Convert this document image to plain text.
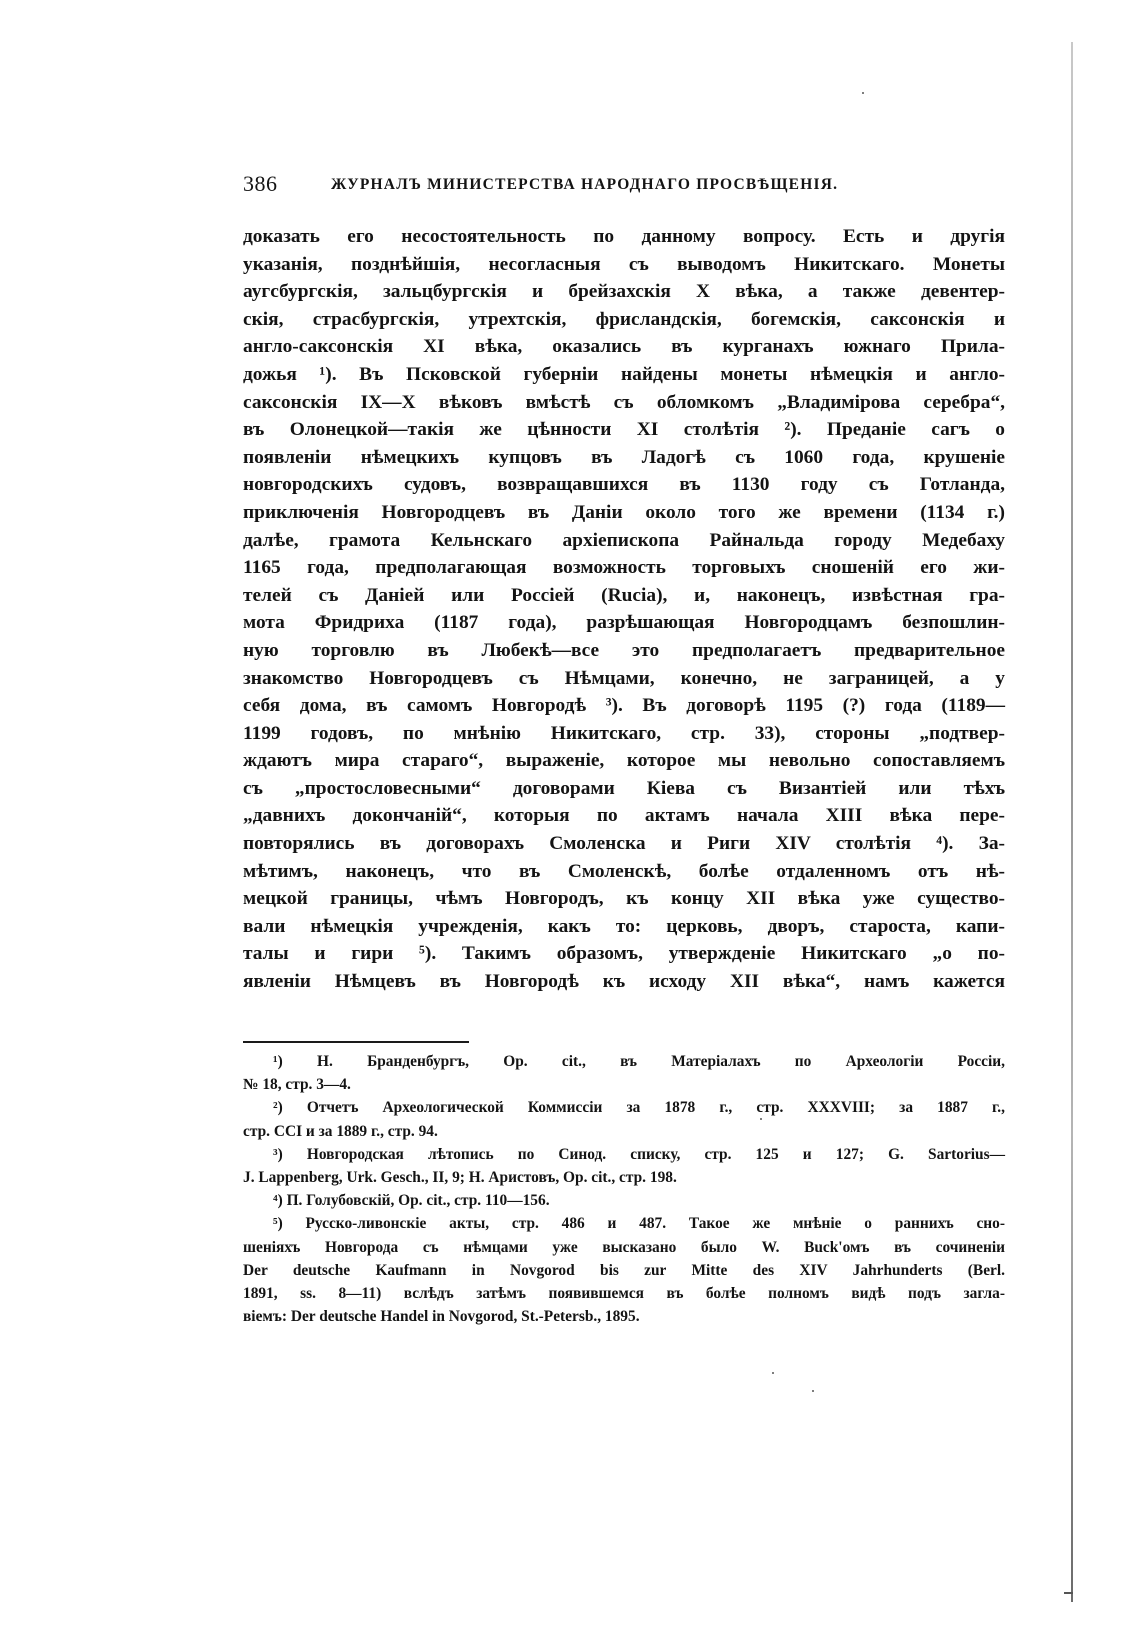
386	ЖУРНАЛЪ МИНИСТЕРСТВА НАРОДНАГО ПРОСВѢЩЕНІЯ.
доказать его несостоятельность по данному вопросу. Есть и другія
указанія, позднѣйшія, несогласныя съ выводомъ Никитскаго. Монеты
аугсбургскія, зальцбургскія и брейзахскія X вѣка, а также девентер-
скія, страсбургскія, утрехтскія, фрисландскія, богемскія, саксонскія и
англо-саксонскія XI вѣка, оказались въ курганахъ южнаго Прила-
дожья ¹). Въ Псковской губерніи найдены монеты нѣмецкія и англо-
саксонскія IX—X вѣковъ вмѣстѣ съ обломкомъ „Владимірова серебра“,
въ Олонецкой—такія же цѣнности XI столѣтія ²). Преданіе сагъ о
появленіи нѣмецкихъ купцовъ въ Ладогѣ съ 1060 года, крушеніе
новгородскихъ судовъ, возвращавшихся въ 1130 году съ Готланда,
приключенія Новгородцевъ въ Даніи около того же времени (1134 г.)
далѣе, грамота Кельнскаго архіепископа Райнальда городу Медебаху
1165 года, предполагающая возможность торговыхъ сношеній его жи-
телей съ Даніей или Россіей (Rucia), и, наконецъ, извѣстная гра-
мота Фридриха (1187 года), разрѣшающая Новгородцамъ безпошлин-
ную торговлю въ Любекѣ—все это предполагаетъ предварительное
знакомство Новгородцевъ съ Нѣмцами, конечно, не заграницей, а у
себя дома, въ самомъ Новгородѣ ³). Въ договорѣ 1195 (?) года (1189—
1199 годовъ, по мнѣнію Никитскаго, стр. 33), стороны „подтвер-
ждаютъ мира стараго“, выраженіе, которое мы невольно сопоставляемъ
съ „простословесными“ договорами Кіева съ Византіей или тѣхъ
„давнихъ докончаній“, которыя по актамъ начала XIII вѣка пере-
повторялись въ договорахъ Смоленска и Риги XIV столѣтія ⁴). За-
мѣтимъ, наконецъ, что въ Смоленскѣ, болѣе отдаленномъ отъ нѣ-
мецкой границы, чѣмъ Новгородъ, къ концу XII вѣка уже существо-
вали нѣмецкія учрежденія, какъ то: церковь, дворъ, староста, капи-
талы и гири ⁵). Такимъ образомъ, утвержденіе Никитскаго „о по-
явленіи Нѣмцевъ въ Новгородѣ къ исходу XII вѣка“, намъ кажется
¹) Н. Бранденбургъ, Op. cit., въ Матеріалахъ по Археологіи Россіи,
№ 18, стр. 3—4.
²) Отчетъ Археологической Коммиссіи за 1878 г., стр. XXXVIII; за 1887 г.,
стр. CCI и за 1889 г., стр. 94.
³) Новгородская лѣтопись по Синод. списку, стр. 125 и 127; G. Sartorius—
J. Lappenberg, Urk. Gesch., II, 9; Н. Аристовъ, Op. cit., стр. 198.
⁴) П. Голубовскій, Op. cit., стр. 110—156.
⁵) Русско-ливонскіе акты, стр. 486 и 487. Такое же мнѣніе о раннихъ сно-
шеніяхъ Новгорода съ нѣмцами уже высказано было W. Buck'омъ въ сочиненіи
Der deutsche Kaufmann in Novgorod bis zur Mitte des XIV Jahrhunderts (Berl.
1891, ss. 8—11) вслѣдъ затѣмъ появившемся въ болѣе полномъ видѣ подъ загла-
віемъ: Der deutsche Handel in Novgorod, St.-Petersb., 1895.
